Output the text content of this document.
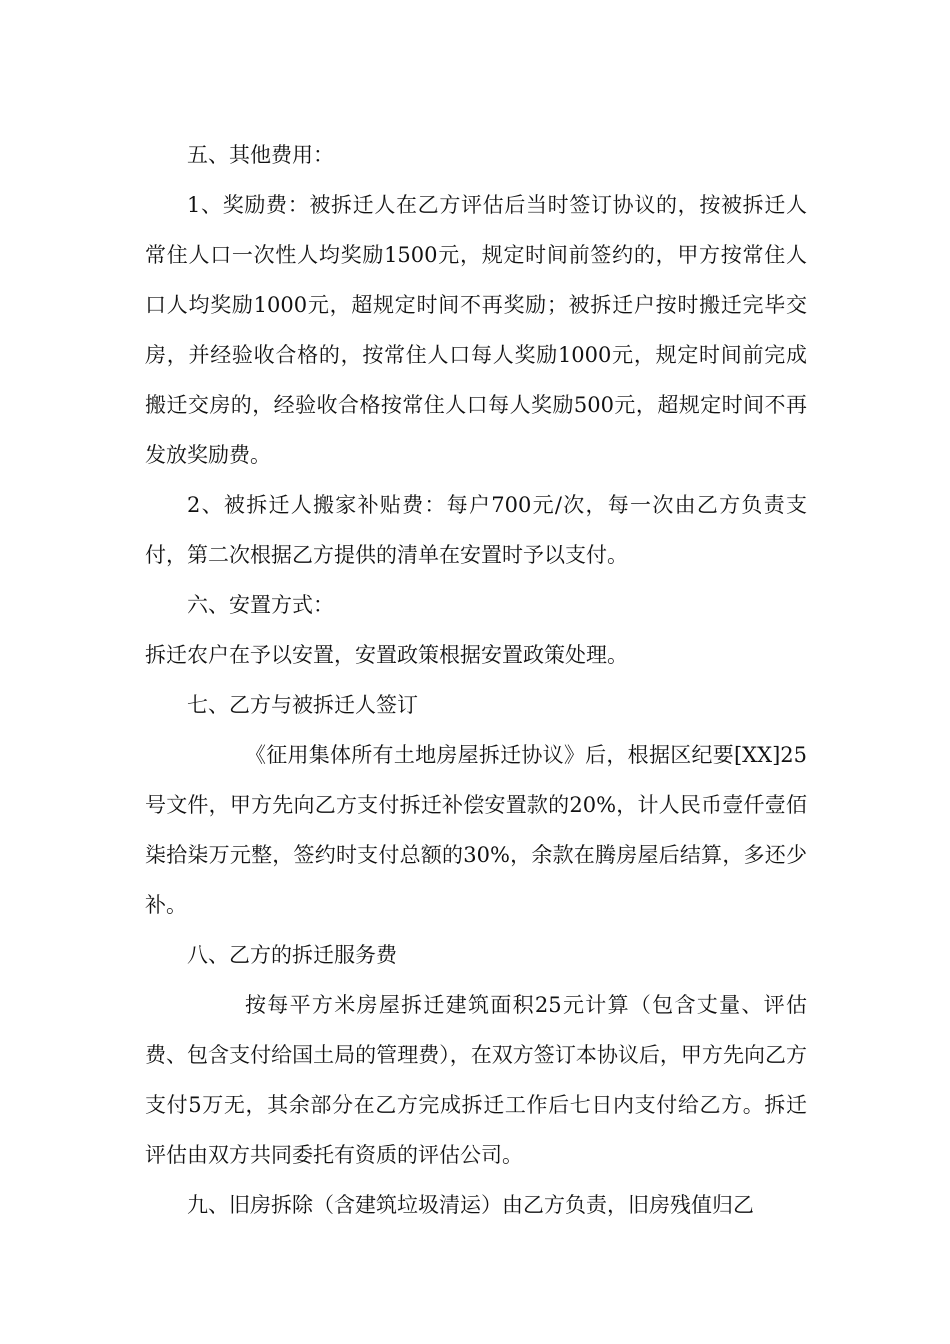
五、其他费用：

1、奖励费：被拆迁人在乙方评估后当时签订协议的，按被拆迁人常住人口一次性人均奖励1500元，规定时间前签约的，甲方按常住人口人均奖励1000元，超规定时间不再奖励；被拆迁户按时搬迁完毕交房，并经验收合格的，按常住人口每人奖励1000元，规定时间前完成搬迁交房的，经验收合格按常住人口每人奖励500元，超规定时间不再发放奖励费。

2、被拆迁人搬家补贴费：每户700元/次，每一次由乙方负责支付，第二次根据乙方提供的清单在安置时予以支付。

六、安置方式：

拆迁农户在予以安置，安置政策根据安置政策处理。

七、乙方与被拆迁人签订

《征用集体所有土地房屋拆迁协议》后，根据区纪要[XX]25号文件，甲方先向乙方支付拆迁补偿安置款的20%，计人民币壹仟壹佰柒拾柒万元整，签约时支付总额的30%，余款在腾房屋后结算，多还少补。

八、乙方的拆迁服务费

按每平方米房屋拆迁建筑面积25元计算（包含丈量、评估费、包含支付给国土局的管理费），在双方签订本协议后，甲方先向乙方支付5万无，其余部分在乙方完成拆迁工作后七日内支付给乙方。拆迁评估由双方共同委托有资质的评估公司。

九、旧房拆除（含建筑垃圾清运）由乙方负责，旧房残值归乙
